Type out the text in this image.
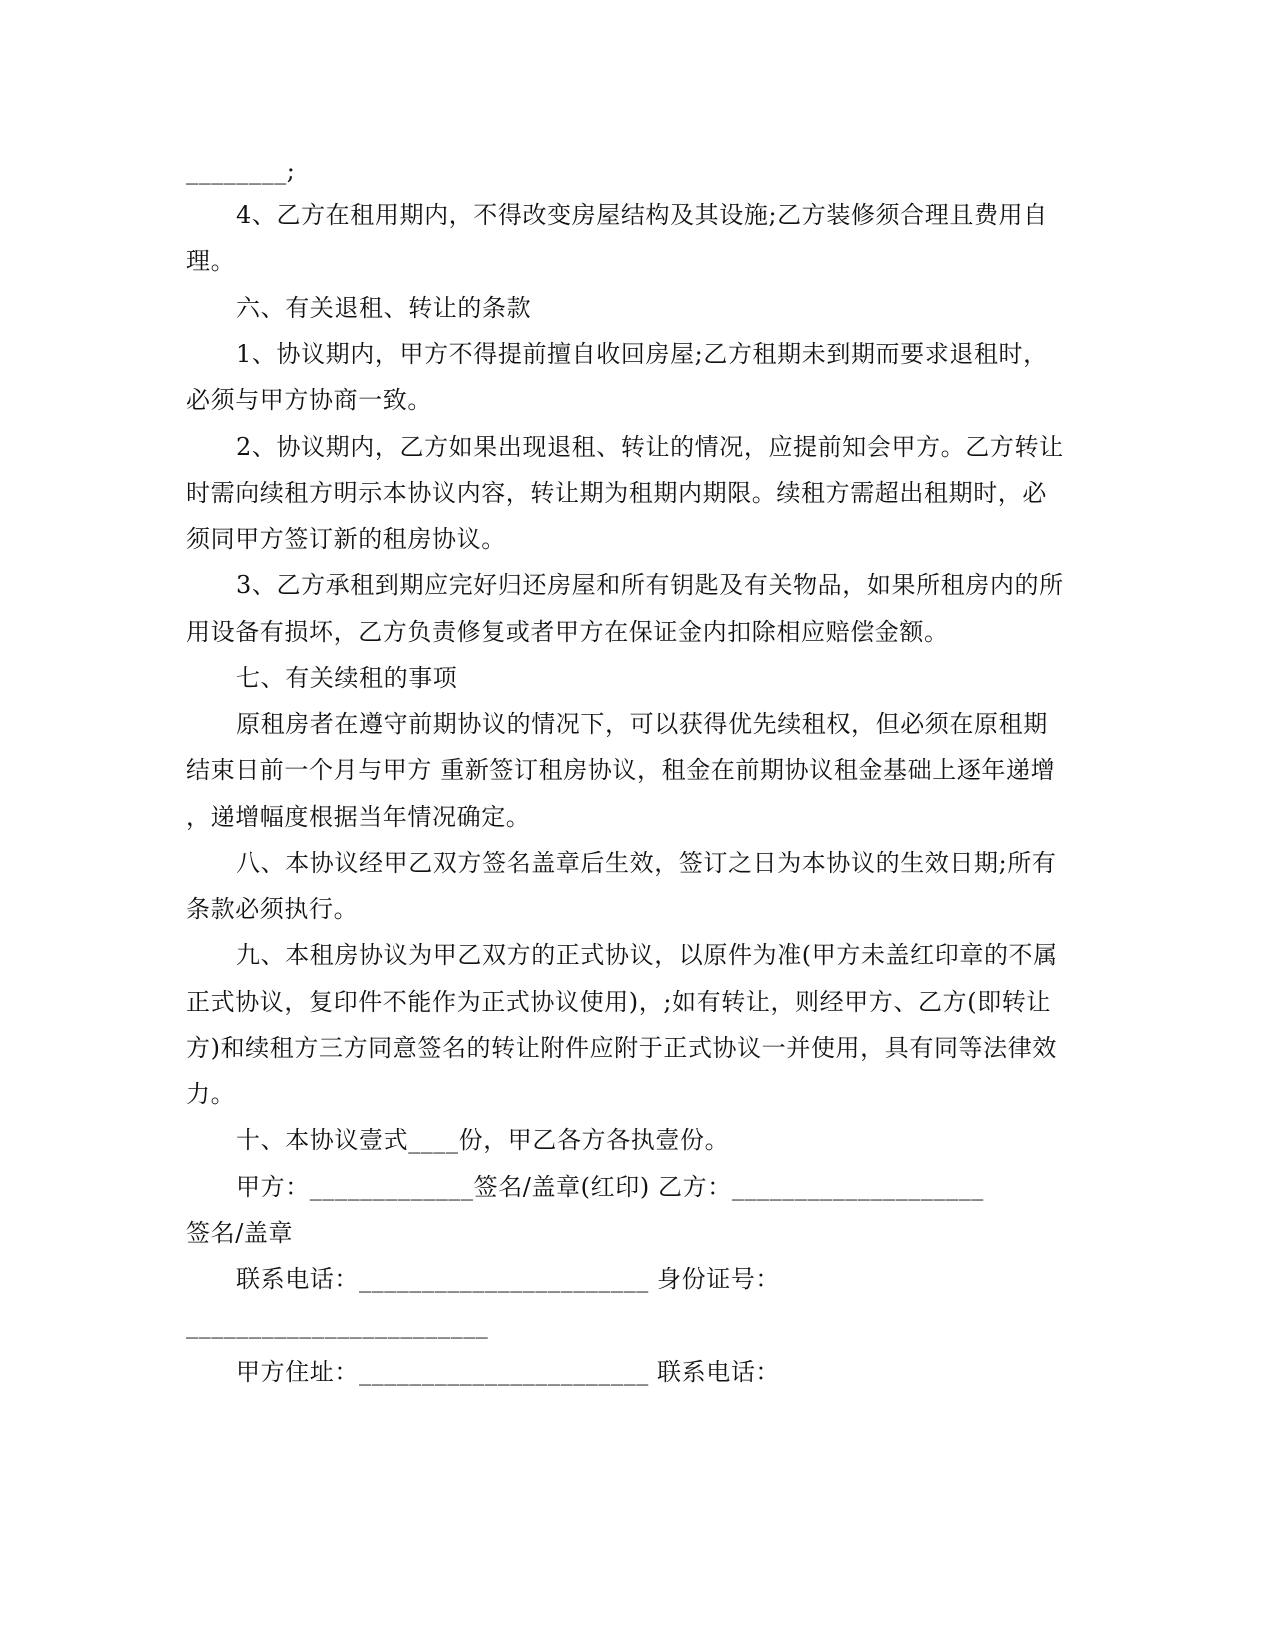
________;
4、乙方在租用期内，不得改变房屋结构及其设施;乙方装修须合理且费用自
理。
六、有关退租、转让的条款
1、协议期内，甲方不得提前擅自收回房屋;乙方租期未到期而要求退租时，
必须与甲方协商一致。
2、协议期内，乙方如果出现退租、转让的情况，应提前知会甲方。乙方转让
时需向续租方明示本协议内容，转让期为租期内期限。续租方需超出租期时，必
须同甲方签订新的租房协议。
3、乙方承租到期应完好归还房屋和所有钥匙及有关物品，如果所租房内的所
用设备有损坏，乙方负责修复或者甲方在保证金内扣除相应赔偿金额。
七、有关续租的事项
原租房者在遵守前期协议的情况下，可以获得优先续租权，但必须在原租期
结束日前一个月与甲方 重新签订租房协议，租金在前期协议租金基础上逐年递增
，递增幅度根据当年情况确定。
八、本协议经甲乙双方签名盖章后生效，签订之日为本协议的生效日期;所有
条款必须执行。
九、本租房协议为甲乙双方的正式协议，以原件为准(甲方未盖红印章的不属
正式协议，复印件不能作为正式协议使用)，;如有转让，则经甲方、乙方(即转让
方)和续租方三方同意签名的转让附件应附于正式协议一并使用，具有同等法律效
力。
十、本协议壹式____份，甲乙各方各执壹份。
甲方：_____________签名/盖章(红印) 乙方：____________________
签名/盖章
联系电话：_______________________ 身份证号：
________________________
甲方住址：_______________________ 联系电话：
